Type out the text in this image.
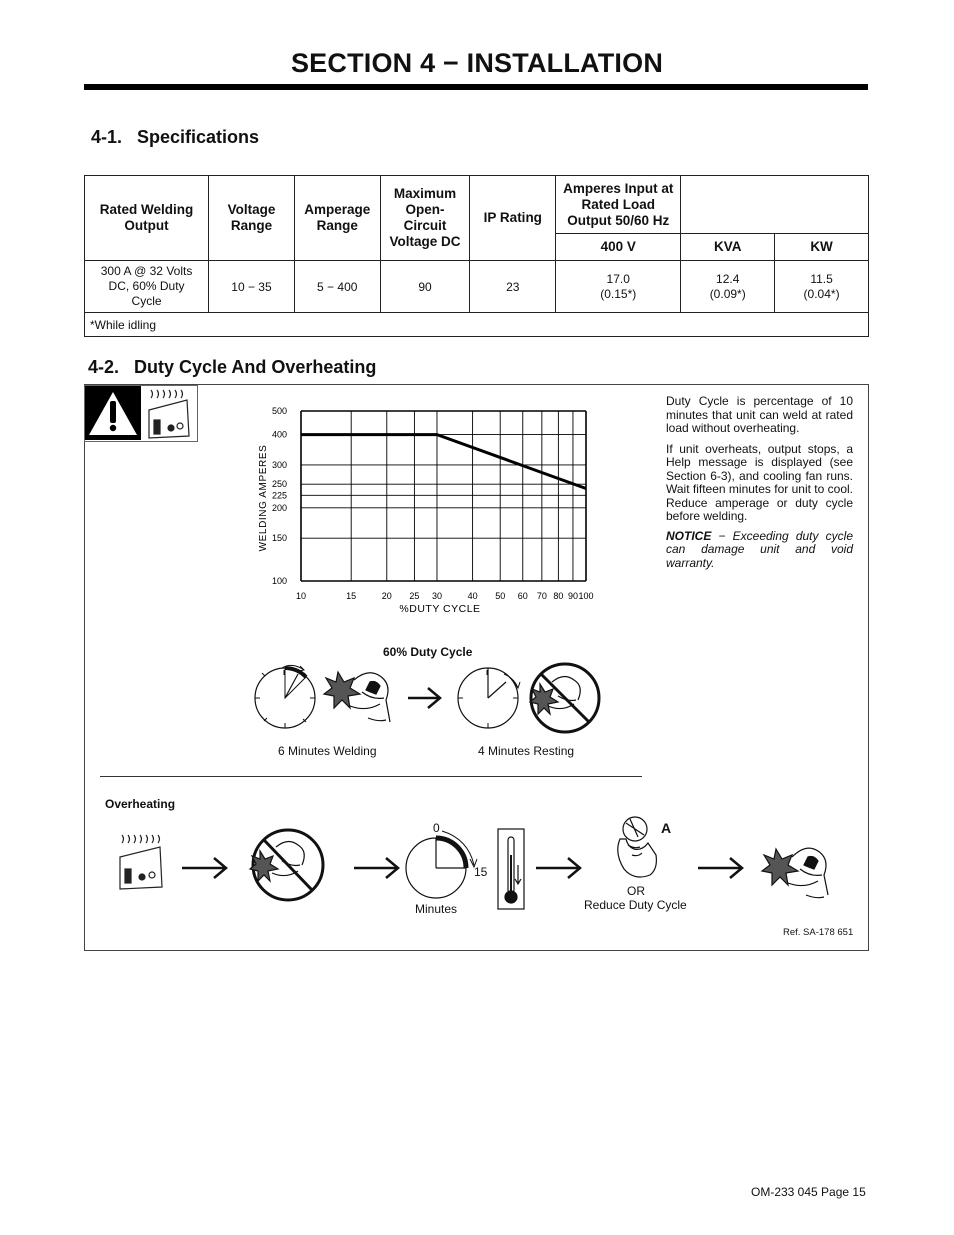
SECTION 4 − INSTALLATION
4-1.   Specifications
Rated Welding Output	Voltage Range	Amperage Range	Maximum Open-Circuit Voltage DC	IP Rating	Amperes Input at Rated Load Output 50/60 Hz		
					400 V	KVA	KW

300 A @ 32 Volts DC, 60% Duty Cycle	10 − 35	5 − 400	90	23	17.0 (0.15*)	12.4 (0.09*)	11.5 (0.04*)

*While idling							
4-2.   Duty Cycle And Overheating
10	15	20 25 30	40 50 60 70 80 90 100
100
150
200
225
250
300
400
500
%DUTY CYCLE
WELDING AMPERES
Duty Cycle is percentage of 10 minutes that unit can weld at rated load without overheating.
If unit overheats, output stops, a Help message is displayed (see Section 6-3), and cooling fan runs. Wait fifteen minutes for unit to cool. Reduce amperage or duty cycle before welding.
NOTICE − Exceeding duty cycle can damage unit and void warranty.
60% Duty Cycle
6 Minutes Welding	4 Minutes Resting
Overheating
0
15
Minutes
A
OR
Reduce Duty Cycle
Ref. SA-178 651
OM-233 045 Page 15
